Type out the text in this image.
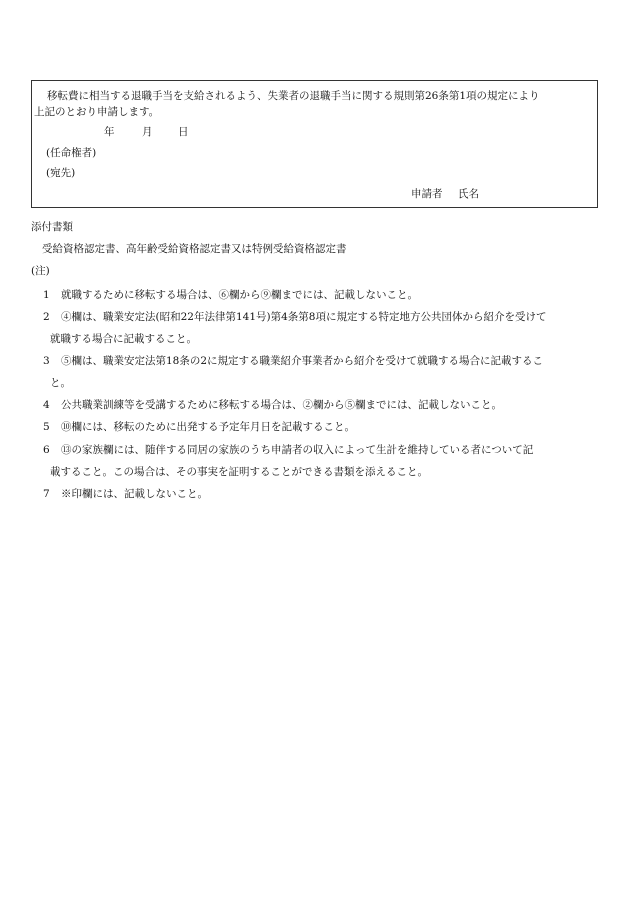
移転費に相当する退職手当を支給されるよう、失業者の退職手当に関する規則第26条第1項の規定により
上記のとおり申請します。
年	月 日
(任命権者)
(宛先)
申請者 氏名
添付書類
受給資格認定書、高年齢受給資格認定書又は特例受給資格認定書
(注)
1 就職するために移転する場合は、⑥欄から⑨欄までには、記載しないこと。
2 ④欄は、職業安定法(昭和22年法律第141号)第4条第8項に規定する特定地方公共団体から紹介を受けて
就職する場合に記載すること。
3 ⑤欄は、職業安定法第18条の2に規定する職業紹介事業者から紹介を受けて就職する場合に記載するこ
と。
4 公共職業訓練等を受講するために移転する場合は、②欄から⑤欄までには、記載しないこと。
5 ⑩欄には、移転のために出発する予定年月日を記載すること。
6 ⑬の家族欄には、随伴する同居の家族のうち申請者の収入によって生計を維持している者について記
載すること。この場合は、その事実を証明することができる書類を添えること。
7 ※印欄には、記載しないこと。
